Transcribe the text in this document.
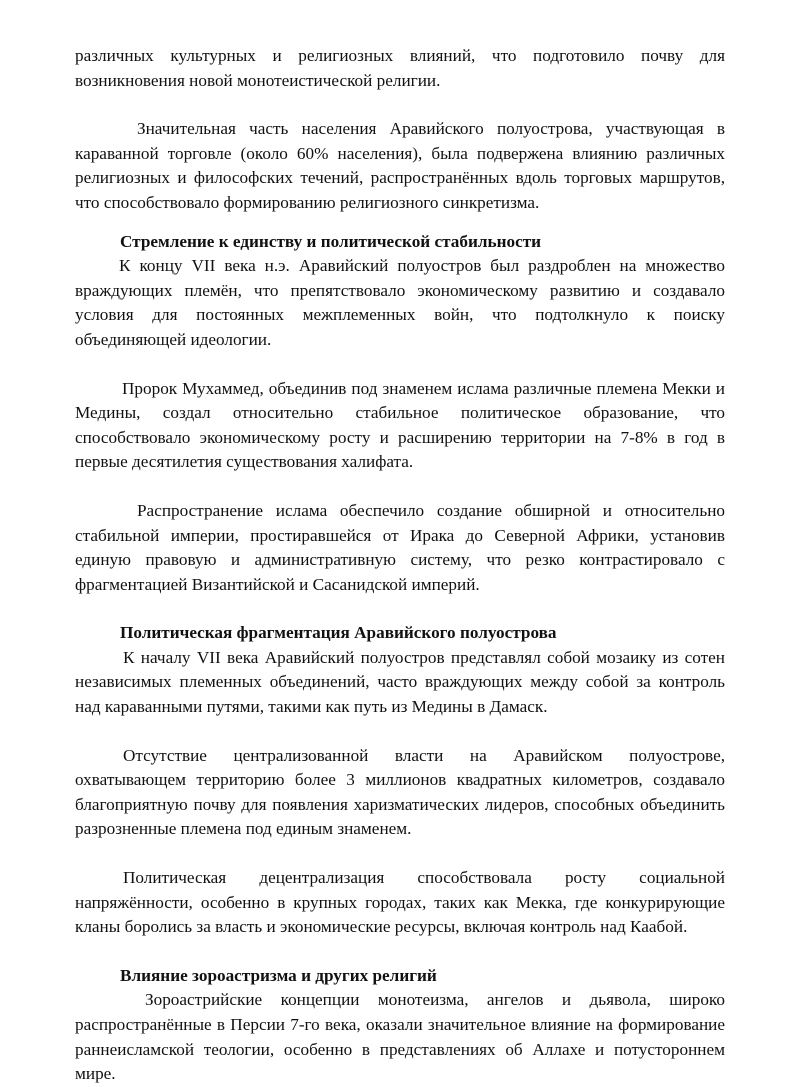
различных культурных и религиозных влияний, что подготовило почву для возникновения новой монотеистической религии.

Значительная часть населения Аравийского полуострова, участвующая в караванной торговле (около 60% населения), была подвержена влиянию различных религиозных и философских течений, распространённых вдоль торговых маршрутов, что способствовало формированию религиозного синкретизма.

Стремление к единству и политической стабильности

К концу VII века н.э. Аравийский полуостров был раздроблен на множество враждующих племён, что препятствовало экономическому развитию и создавало условия для постоянных межплеменных войн, что подтолкнуло к поиску объединяющей идеологии.

Пророк Мухаммед, объединив под знаменем ислама различные племена Мекки и Медины, создал относительно стабильное политическое образование, что способствовало экономическому росту и расширению территории на 7-8% в год в первые десятилетия существования халифата.

Распространение ислама обеспечило создание обширной и относительно стабильной империи, простиравшейся от Ирака до Северной Африки, установив единую правовую и административную систему, что резко контрастировало с фрагментацией Византийской и Сасанидской империй.

Политическая фрагментация Аравийского полуострова

К началу VII века Аравийский полуостров представлял собой мозаику из сотен независимых племенных объединений, часто враждующих между собой за контроль над караванными путями, такими как путь из Медины в Дамаск.

Отсутствие централизованной власти на Аравийском полуострове, охватывающем территорию более 3 миллионов квадратных километров, создавало благоприятную почву для появления харизматических лидеров, способных объединить разрозненные племена под единым знаменем.

Политическая децентрализация способствовала росту социальной напряжённости, особенно в крупных городах, таких как Мекка, где конкурирующие кланы боролись за власть и экономические ресурсы, включая контроль над Каабой.

Влияние зороастризма и других религий

Зороастрийские концепции монотеизма, ангелов и дьявола, широко распространённые в Персии 7-го века, оказали значительное влияние на формирование раннеисламской теологии, особенно в представлениях об Аллахе и потустороннем мире.
